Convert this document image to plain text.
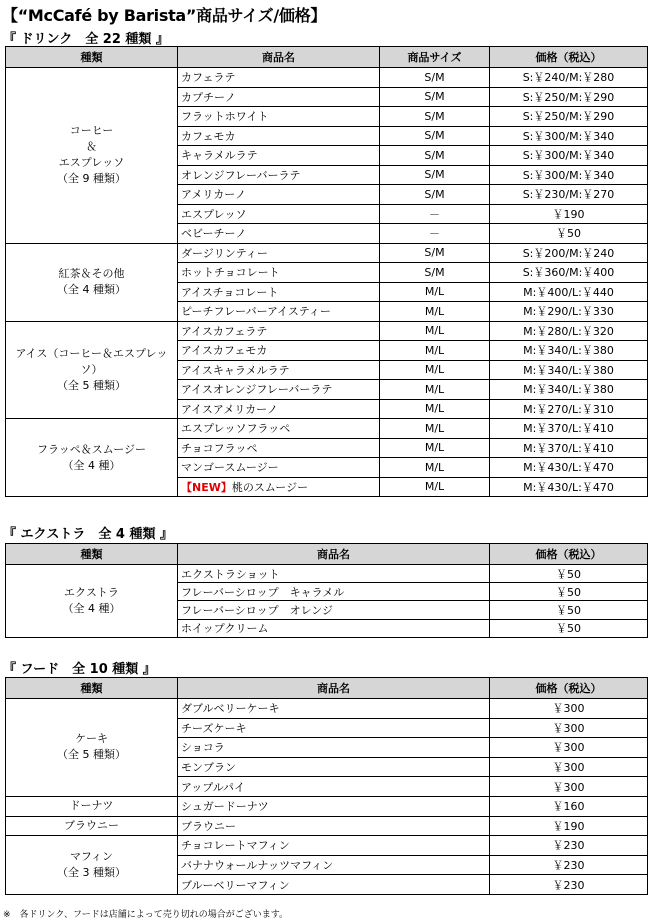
【“McCafé by Barista”商品サイズ/価格】
『 ドリンク　全 22 種類 』
種類	商品名	商品サイズ	価格（税込）

コーヒー
＆
エスプレッソ
（全 9 種類）	カフェラテ	S/M	S:￥240/M:￥280
	カプチーノ	S/M	S:￥250/M:￥290
	フラットホワイト	S/M	S:￥250/M:￥290
	カフェモカ	S/M	S:￥300/M:￥340
	キャラメルラテ	S/M	S:￥300/M:￥340
	オレンジフレーバーラテ	S/M	S:￥300/M:￥340
	アメリカーノ	S/M	S:￥230/M:￥270
	エスプレッソ	－	￥190
	ベビーチーノ	－	￥50

紅茶＆その他
（全 4 種類）	ダージリンティー	S/M	S:￥200/M:￥240
	ホットチョコレート	S/M	S:￥360/M:￥400
	アイスチョコレート	M/L	M:￥400/L:￥440
	ピーチフレーバーアイスティー	M/L	M:￥290/L:￥330

アイス（コーヒー＆エスプレッソ）
（全 5 種類）	アイスカフェラテ	M/L	M:￥280/L:￥320
	アイスカフェモカ	M/L	M:￥340/L:￥380
	アイスキャラメルラテ	M/L	M:￥340/L:￥380
	アイスオレンジフレーバーラテ	M/L	M:￥340/L:￥380
	アイスアメリカーノ	M/L	M:￥270/L:￥310

フラッペ＆スムージー
（全 4 種）	エスプレッソフラッペ	M/L	M:￥370/L:￥410
	チョコフラッペ	M/L	M:￥370/L:￥410
	マンゴースムージー	M/L	M:￥430/L:￥470
	【NEW】桃のスムージー	M/L	M:￥430/L:￥470
『 エクストラ　全 4 種類 』
種類	商品名	価格（税込）

エクストラ
（全 4 種）	エクストラショット	￥50
	フレーバーシロップ　キャラメル	￥50
	フレーバーシロップ　オレンジ	￥50
	ホイップクリーム	￥50
『 フード　全 10 種類 』
種類	商品名	価格（税込）

ケーキ
（全 5 種類）	ダブルベリーケーキ	￥300
	チーズケーキ	￥300
	ショコラ	￥300
	モンブラン	￥300
	アップルパイ	￥300

ドーナツ	シュガードーナツ	￥160

ブラウニー	ブラウニー	￥190

マフィン
（全 3 種類）	チョコレートマフィン	￥230
	バナナウォールナッツマフィン	￥230
	ブルーベリーマフィン	￥230
※　各ドリンク、フードは店舗によって売り切れの場合がございます。
